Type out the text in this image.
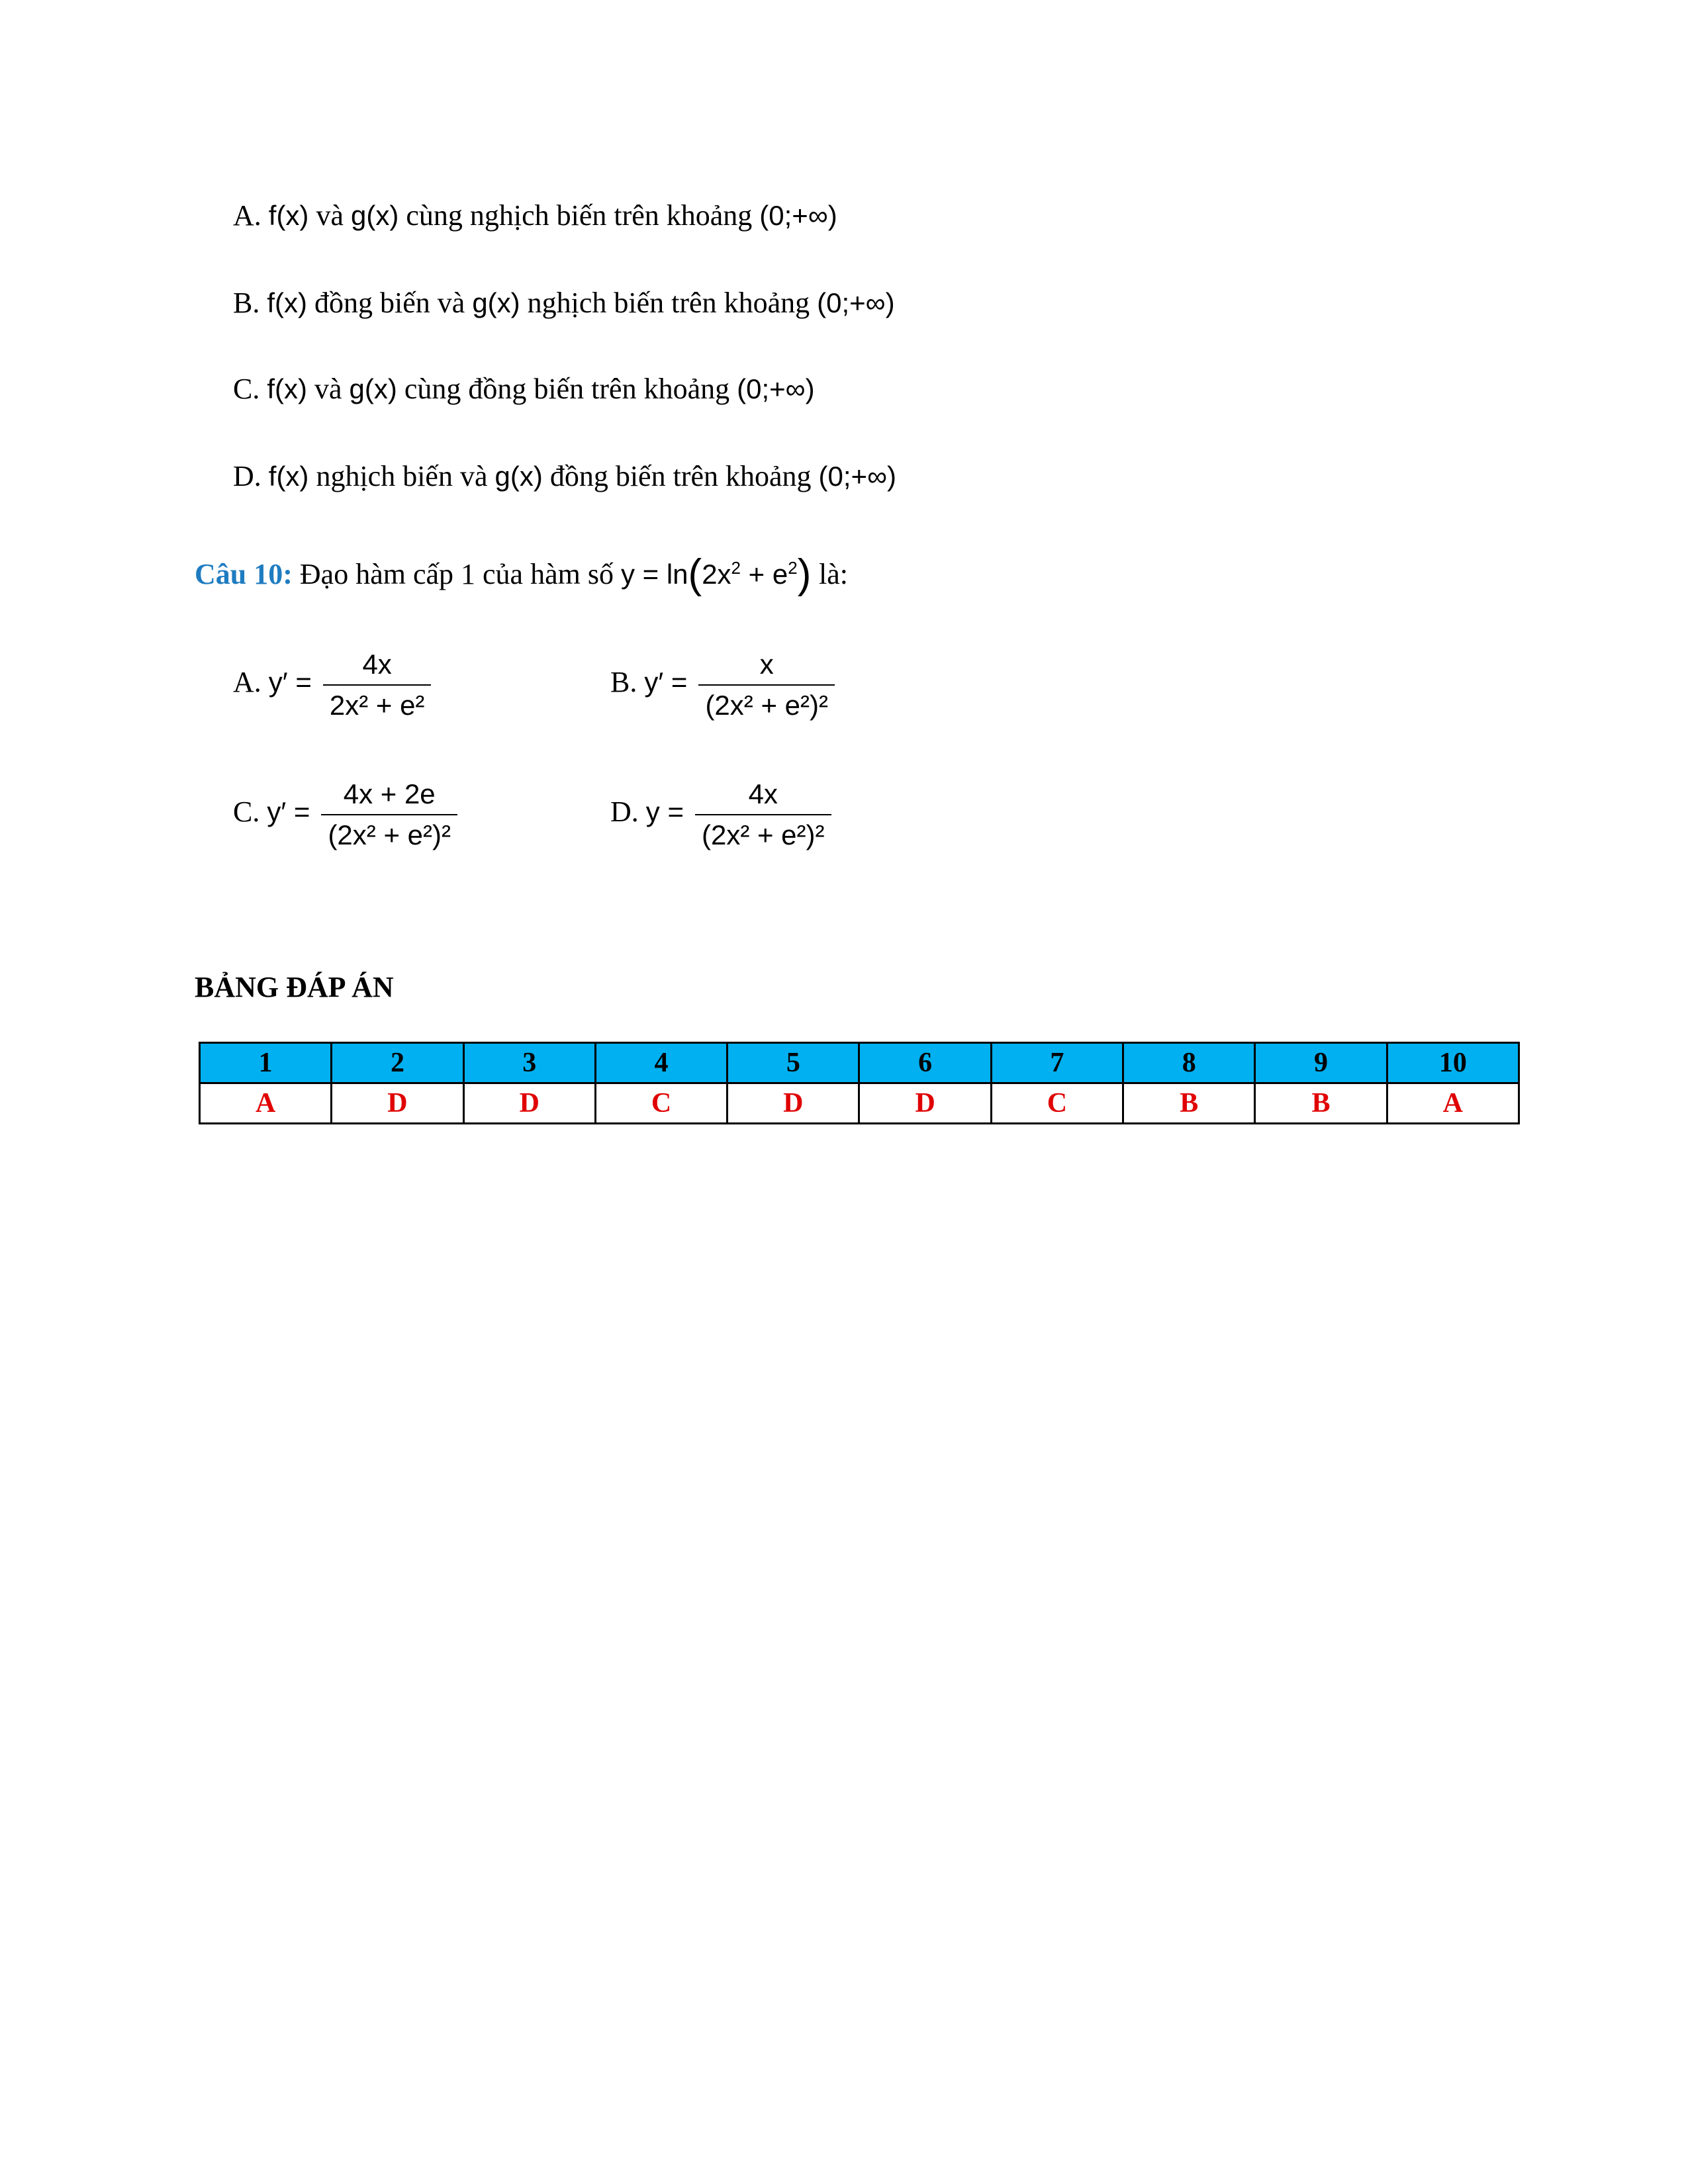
A. f(x) và g(x) cùng nghịch biến trên khoảng (0;+∞)
B. f(x) đồng biến và g(x) nghịch biến trên khoảng (0;+∞)
C. f(x) và g(x) cùng đồng biến trên khoảng (0;+∞)
D. f(x) nghịch biến và g(x) đồng biến trên khoảng (0;+∞)
Câu 10: Đạo hàm cấp 1 của hàm số $y = \ln(2x^2 + e^2)$ là:
A. $y' = \frac{4x}{\text{2x² + e²}}$	B. $y' = \frac{x}{\text{(2x² + e²)²}}$
C. $y' = \frac{4x + 2e}{\text{(2x² + e²)²}}$	D. $y = \frac{4x}{\text{(2x² + e²)²}}$
BẢNG ĐÁP ÁN
1	2	3	4	5	6	7	8	9	10
A	D	D	C	D	D	C	B	B	A
